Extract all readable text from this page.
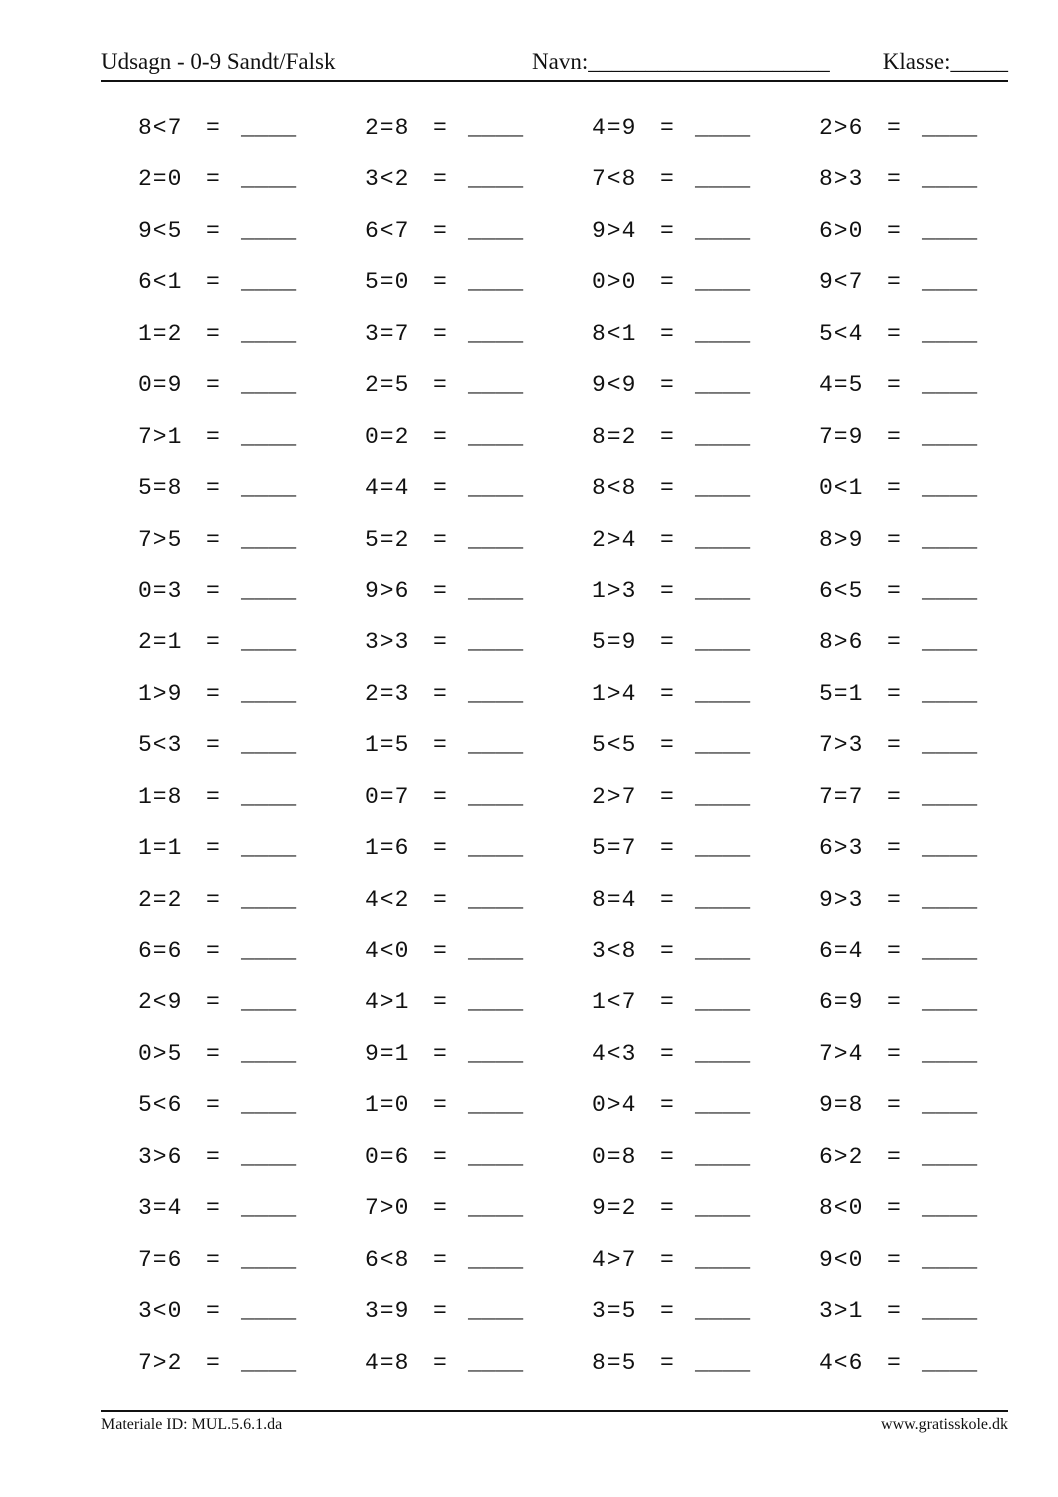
Udsagn - 0-9 Sandt/Falsk	Navn:_____________________ Klasse:_____
8<7 = ____	2=8 = ____	4=9 = ____	2>6 = ____
2=0 = ____	3<2 = ____	7<8 = ____	8>3 = ____
9<5 = ____	6<7 = ____	9>4 = ____	6>0 = ____
6<1 = ____	5=0 = ____	0>0 = ____	9<7 = ____
1=2 = ____	3=7 = ____	8<1 = ____	5<4 = ____
0=9 = ____	2=5 = ____	9<9 = ____	4=5 = ____
7>1 = ____	0=2 = ____	8=2 = ____	7=9 = ____
5=8 = ____	4=4 = ____	8<8 = ____	0<1 = ____
7>5 = ____	5=2 = ____	2>4 = ____	8>9 = ____
0=3 = ____	9>6 = ____	1>3 = ____	6<5 = ____
2=1 = ____	3>3 = ____	5=9 = ____	8>6 = ____
1>9 = ____	2=3 = ____	1>4 = ____	5=1 = ____
5<3 = ____	1=5 = ____	5<5 = ____	7>3 = ____
1=8 = ____	0=7 = ____	2>7 = ____	7=7 = ____
1=1 = ____	1=6 = ____	5=7 = ____	6>3 = ____
2=2 = ____	4<2 = ____	8=4 = ____	9>3 = ____
6=6 = ____	4<0 = ____	3<8 = ____	6=4 = ____
2<9 = ____	4>1 = ____	1<7 = ____	6=9 = ____
0>5 = ____	9=1 = ____	4<3 = ____	7>4 = ____
5<6 = ____	1=0 = ____	0>4 = ____	9=8 = ____
3>6 = ____	0=6 = ____	0=8 = ____	6>2 = ____
3=4 = ____	7>0 = ____	9=2 = ____	8<0 = ____
7=6 = ____	6<8 = ____	4>7 = ____	9<0 = ____
3<0 = ____	3=9 = ____	3=5 = ____	3>1 = ____
7>2 = ____	4=8 = ____	8=5 = ____	4<6 = ____
Materiale ID: MUL.5.6.1.da	www.gratisskole.dk
